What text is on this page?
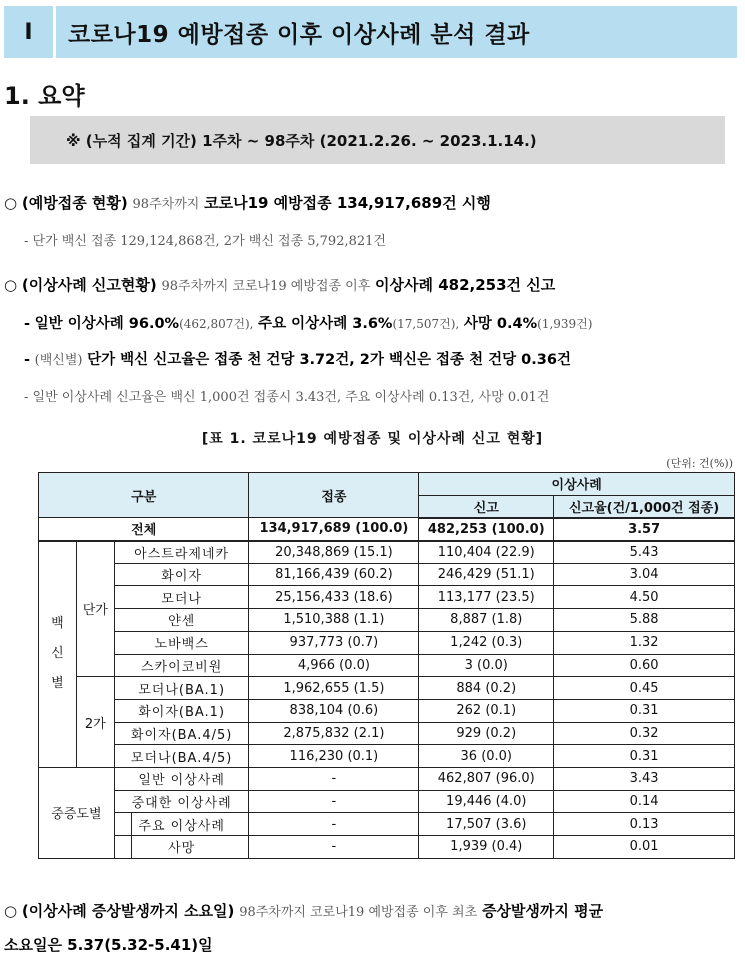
Ⅰ	코로나19 예방접종 이후 이상사례 분석 결과
1. 요약
※ (누적 집계 기간) 1주차 ~ 98주차 (2021.2.26. ~ 2023.1.14.)
○ (예방접종 현황) 98주차까지 코로나19 예방접종 134,917,689건 시행
- 단가 백신 접종 129,124,868건, 2가 백신 접종 5,792,821건
○ (이상사례 신고현황) 98주차까지 코로나19 예방접종 이후 이상사례 482,253건 신고
- 일반 이상사례 96.0%(462,807건), 주요 이상사례 3.6%(17,507건), 사망 0.4%(1,939건)
- (백신별) 단가 백신 신고율은 접종 천 건당 3.72건, 2가 백신은 접종 천 건당 0.36건
- 일반 이상사례 신고율은 백신 1,000건 접종시 3.43건, 주요 이상사례 0.13건, 사망 0.01건
[표 1. 코로나19 예방접종 및 이상사례 신고 현황]
(단위: 건(%))
구분			접종	이상사례	
				신고	신고율(건/1,000건 접종)
전체			134,917,689 (100.0)	482,253 (100.0)	3.57
백
신
별	단가	아스트라제네카	20,348,869 (15.1)	110,404 (22.9)	5.43
		화이자	81,166,439 (60.2)	246,429 (51.1)	3.04
		모더나	25,156,433 (18.6)	113,177 (23.5)	4.50
		얀센	1,510,388 (1.1)	8,887 (1.8)	5.88
		노바백스	937,773 (0.7)	1,242 (0.3)	1.32
		스카이코비원	4,966 (0.0)	3 (0.0)	0.60
	2가	모더나(BA.1)	1,962,655 (1.5)	884 (0.2)	0.45
		화이자(BA.1)	838,104 (0.6)	262 (0.1)	0.31
		화이자(BA.4/5)	2,875,832 (2.1)	929 (0.2)	0.32
		모더나(BA.4/5)	116,230 (0.1)	36 (0.0)	0.31
중증도별		일반 이상사례	-	462,807 (96.0)	3.43
		중대한 이상사례	-	19,446 (4.0)	0.14
		주요 이상사례	-	17,507 (3.6)	0.13
		사망	-	1,939 (0.4)	0.01
○ (이상사례 증상발생까지 소요일) 98주차까지 코로나19 예방접종 이후 최초 증상발생까지 평균
소요일은 5.37(5.32-5.41)일
